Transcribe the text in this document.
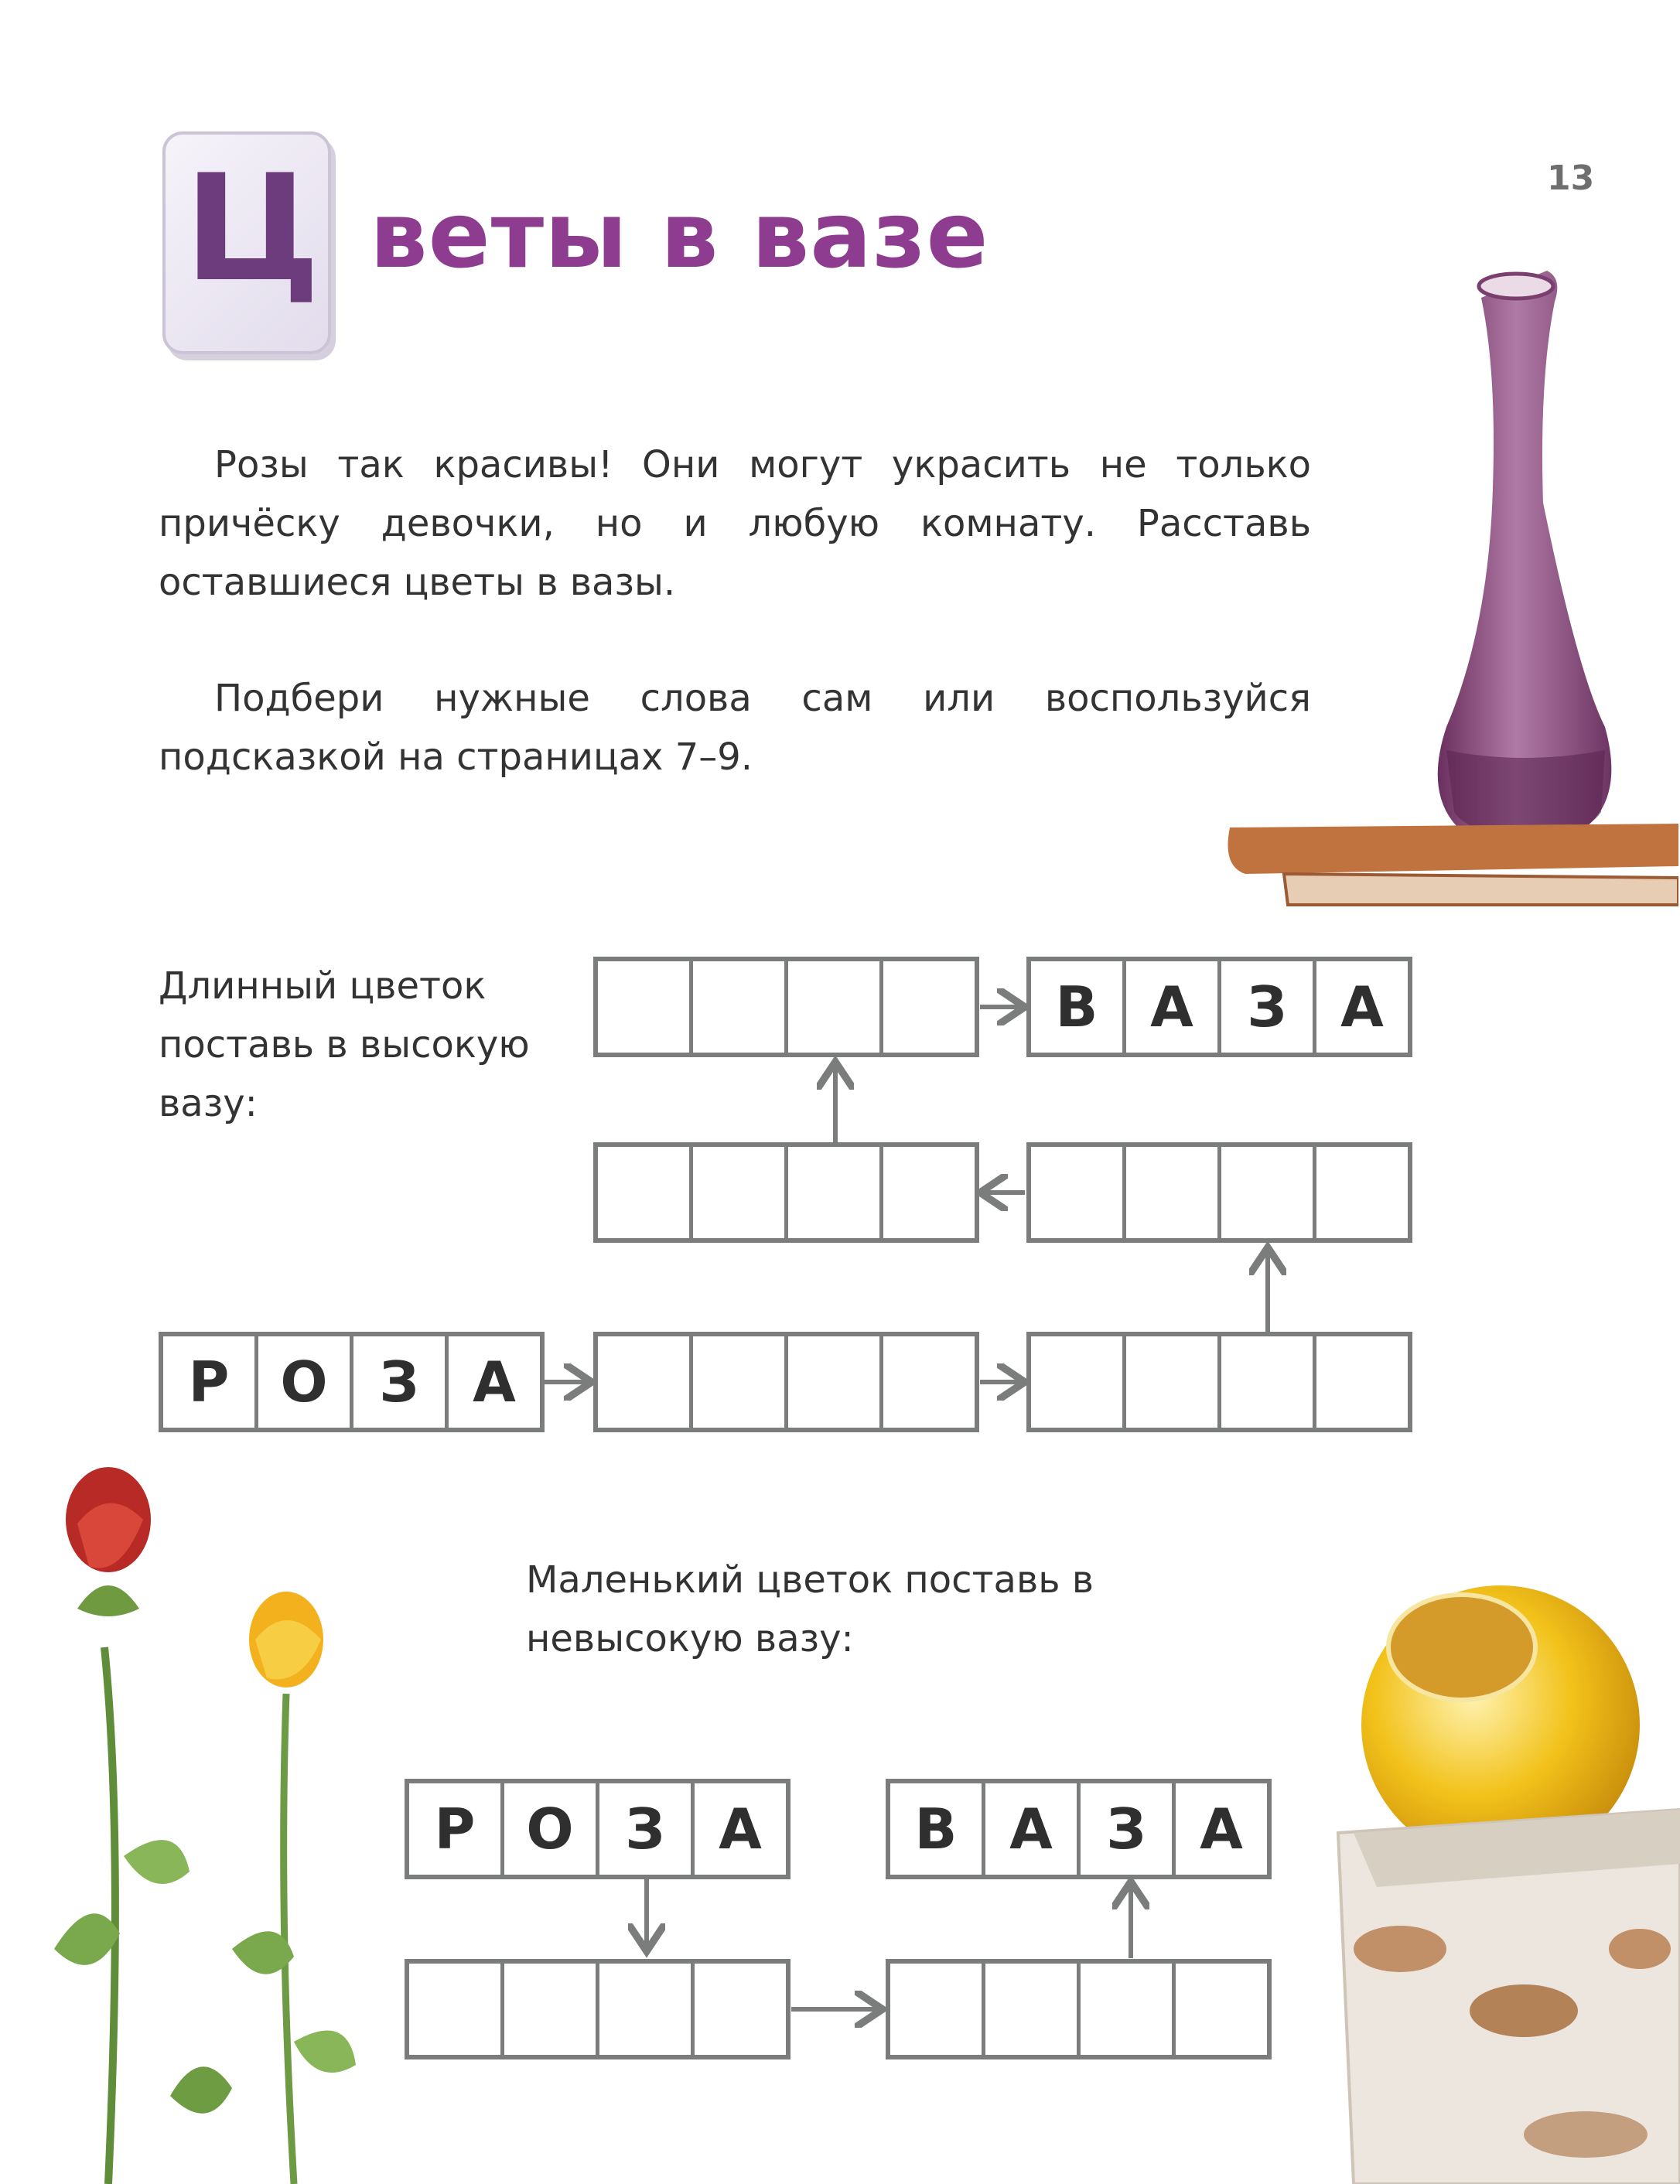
13
Ц веты в вазе
Розы так красивы! Они могут украсить не только причёску девочки, но и любую комнату. Расставь оставшиеся цветы в вазы.
Подбери нужные слова сам или воспользуйся подсказкой на страницах 7–9.
Длинный цветок поставь в высокую вазу:
Маленький цветок поставь в невысокую вазу:
В А З А
Р О З А
Р О З А	В А З А
